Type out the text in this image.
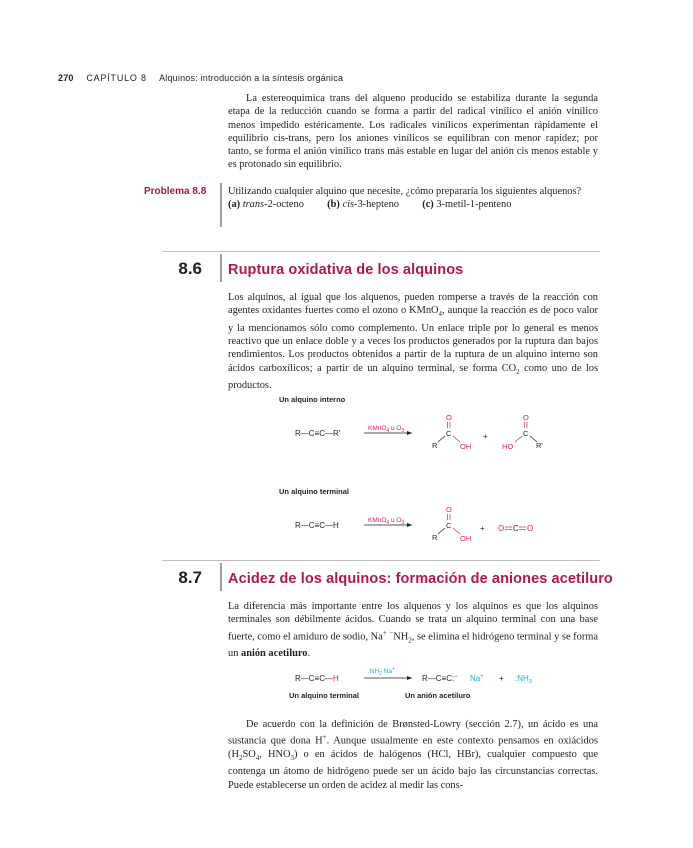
270 CAPÍTULO 8 Alquinos: introducción a la síntesis orgánica

La estereoquímica trans del alqueno producido se estabiliza durante la segunda etapa de la reducción cuando se forma a partir del radical vinílico el anión vinílico menos impedido estéricamente. Los radicales vinílicos experimentan rápidamente el equilibrio cis-trans, pero los aniones vinílicos se equilibran con menor rapidez; por tanto, se forma el anión vinílico trans más estable en lugar del anión cis menos estable y es protonado sin equilibrio.

Problema 8.8 Utilizando cualquier alquino que necesite, ¿cómo prepararía los siguientes alquenos?

(a) trans-2-octeno (b) cis-3-hepteno (c) 3-metil-1-penteno

8.6 Ruptura oxidativa de los alquinos

Los alquinos, al igual que los alquenos, pueden romperse a través de la reacción con agentes oxidantes fuertes como el ozono o KMnO$_4$, aunque la reacción es de poco valor y la mencionamos sólo como complemento. Un enlace triple por lo general es menos reactivo que un enlace doble y a veces los productos generados por la ruptura dan bajos rendimientos. Los productos obtenidos a partir de la ruptura de un alquino interno son ácidos carboxílicos; a partir de un alquino terminal, se forma $CO_2$ como uno de los productos.

Un alquino interno
R—C≡C—R′
KMnO$_4$ u $O_3$
O
C
R	OH
+
O
C
HO	R′
Un alquino terminal
R—C≡C—H
KMnO$_4$ u $O_3$
O
C
R	OH
+ O C O
8.7 Acidez de los alquinos: formación de aniones acetiluro

La diferencia más importante entre los alquenos y los alquinos es que los alquinos terminales son débilmente ácidos. Cuando se trata un alquino terminal con una base fuerte, como el amiduro de sodio, Na+ $^-NH_2$, se elimina el hidrógeno terminal y se forma un anión acetiluro.

R—C≡C—H
$:NH_2$ Na+
R—C≡C:− $Na^+ + :NH_3$
Un alquino terminal	Un anión acetiluro

De acuerdo con la definición de Brønsted-Lowry (sección 2.7), un ácido es una sustancia que dona H+. Aunque usualmente en este contexto pensamos en oxiácidos ($H_2SO_4$, $HNO_3$) o en ácidos de halógenos (HCl, HBr), cualquier compuesto que contenga un átomo de hidrógeno puede ser un ácido bajo las circunstancias correctas. Puede establecerse un orden de acidez al medir las cons-
